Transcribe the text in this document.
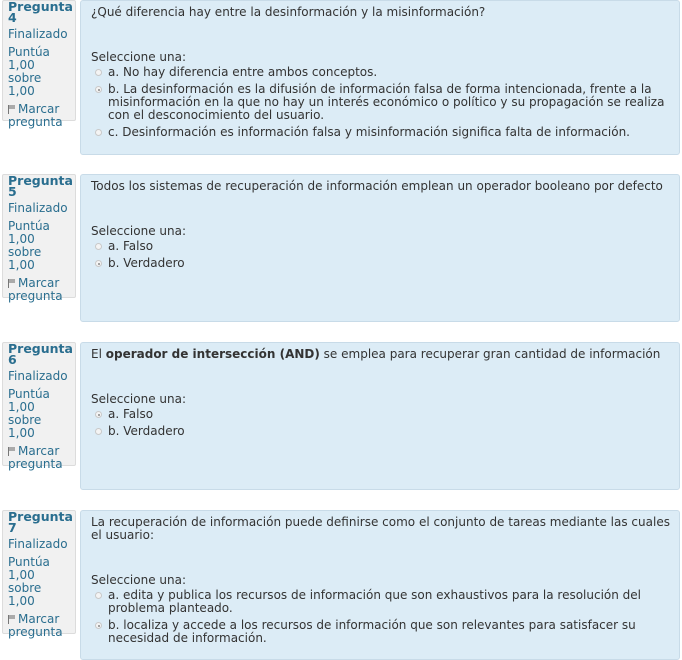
Pregunta
4
Finalizado
Puntúa 1,00 sobre 1,00
Marcar pregunta
¿Qué diferencia hay entre la desinformación y la misinformación?
Seleccione una:
a. No hay diferencia entre ambos conceptos.
b. La desinformación es la difusión de información falsa de forma intencionada, frente a la misinformación en la que no hay un interés económico o político y su propagación se realiza con el desconocimiento del usuario.
c. Desinformación es información falsa y misinformación significa falta de información.
Pregunta
5
Finalizado
Puntúa 1,00 sobre 1,00
Marcar pregunta
Todos los sistemas de recuperación de información emplean un operador booleano por defecto
Seleccione una:
a. Falso
b. Verdadero
Pregunta
6
Finalizado
Puntúa 1,00 sobre 1,00
Marcar pregunta
El operador de intersección (AND) se emplea para recuperar gran cantidad de información
Seleccione una:
a. Falso
b. Verdadero
Pregunta
7
Finalizado
Puntúa 1,00 sobre 1,00
Marcar pregunta
La recuperación de información puede definirse como el conjunto de tareas mediante las cuales el usuario:
Seleccione una:
a. edita y publica los recursos de información que son exhaustivos para la resolución del problema planteado.
b. localiza y accede a los recursos de información que son relevantes para satisfacer su necesidad de información.
